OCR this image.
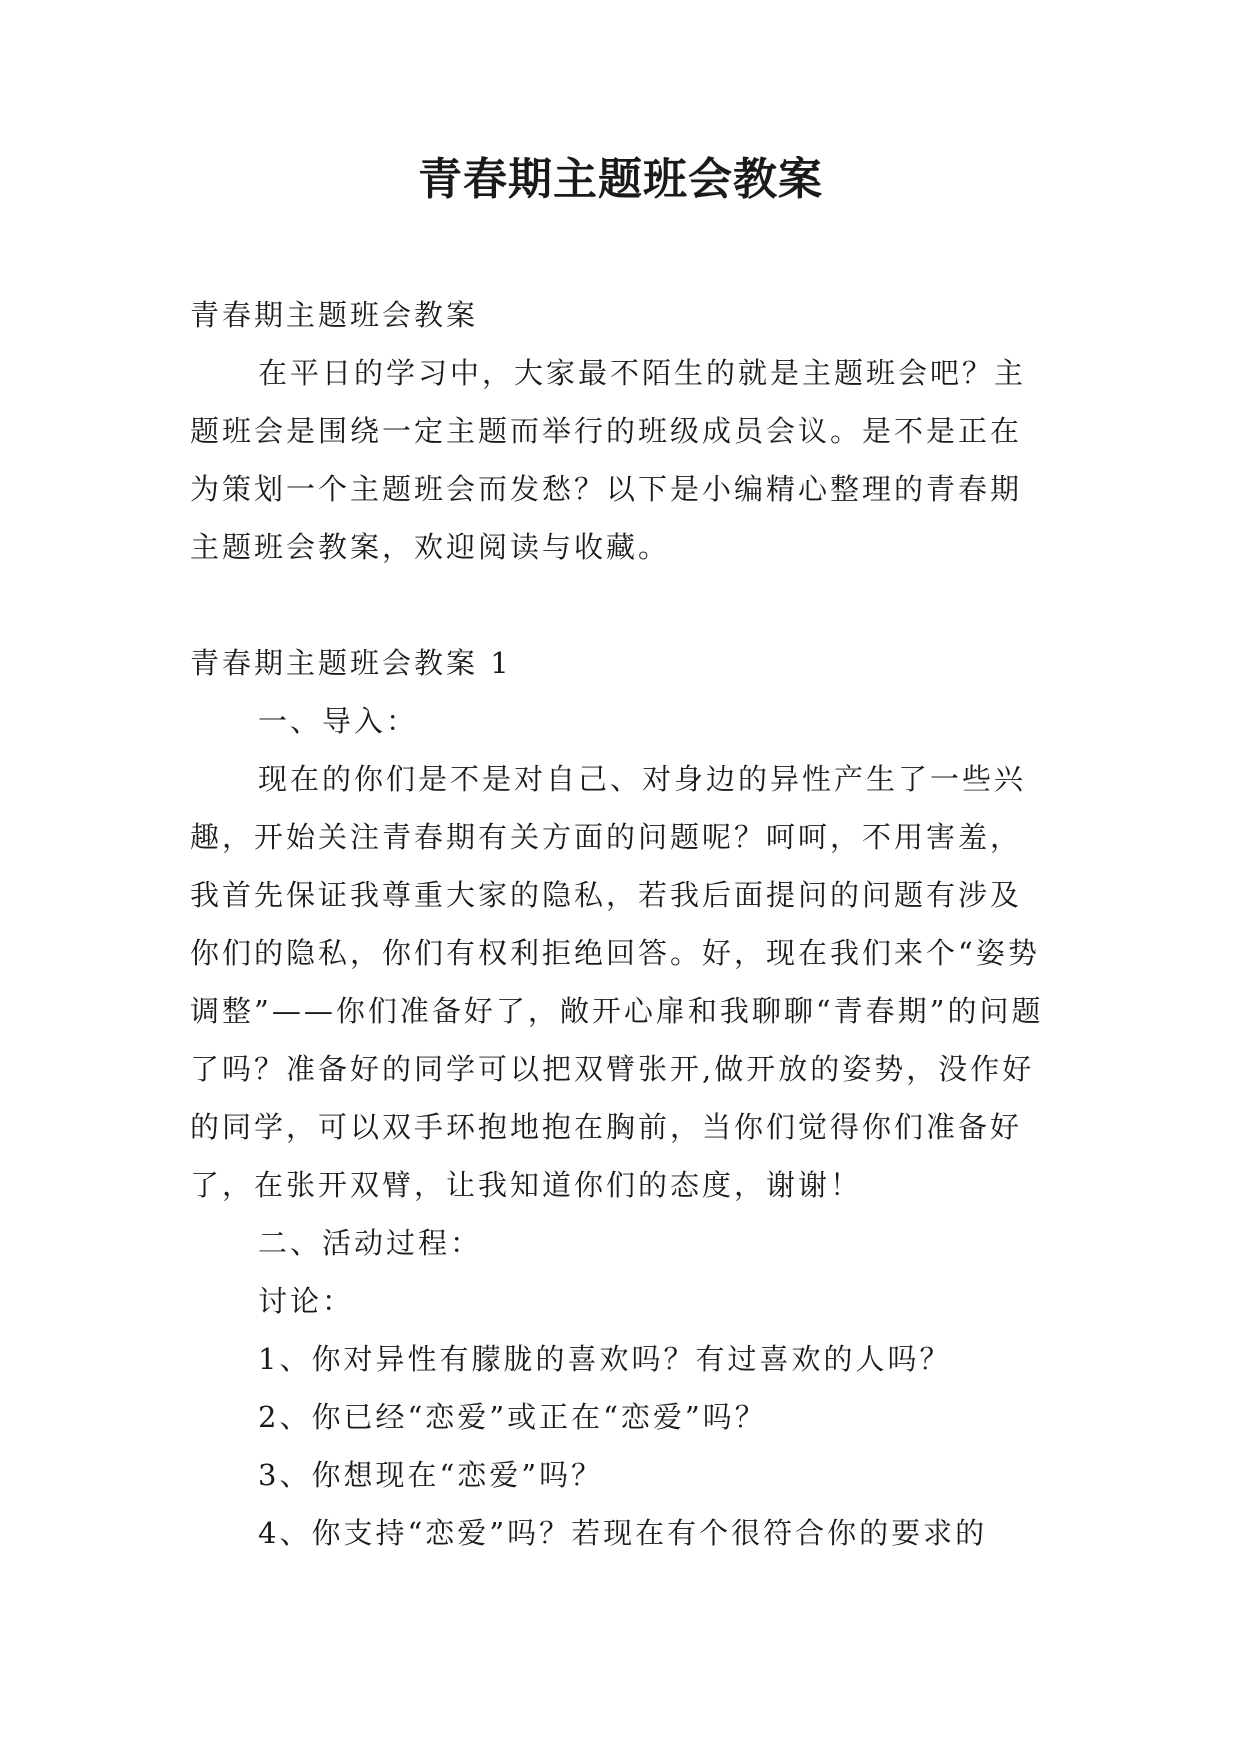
青春期主题班会教案

青春期主题班会教案

在平日的学习中，大家最不陌生的就是主题班会吧？主题班会是围绕一定主题而举行的班级成员会议。是不是正在为策划一个主题班会而发愁？以下是小编精心整理的青春期主题班会教案，欢迎阅读与收藏。

青春期主题班会教案 1

一、导入：

现在的你们是不是对自己、对身边的异性产生了一些兴趣，开始关注青春期有关方面的问题呢？呵呵，不用害羞，我首先保证我尊重大家的隐私，若我后面提问的问题有涉及你们的隐私，你们有权利拒绝回答。好，现在我们来个“姿势调整”——你们准备好了，敞开心扉和我聊聊“青春期”的问题了吗？准备好的同学可以把双臂张开,做开放的姿势，没作好的同学，可以双手环抱地抱在胸前，当你们觉得你们准备好了，在张开双臂，让我知道你们的态度，谢谢！

二、活动过程：

讨论：

1、你对异性有朦胧的喜欢吗？有过喜欢的人吗？

2、你已经“恋爱”或正在“恋爱”吗？

3、你想现在“恋爱”吗？

4、你支持“恋爱”吗？若现在有个很符合你的要求的
